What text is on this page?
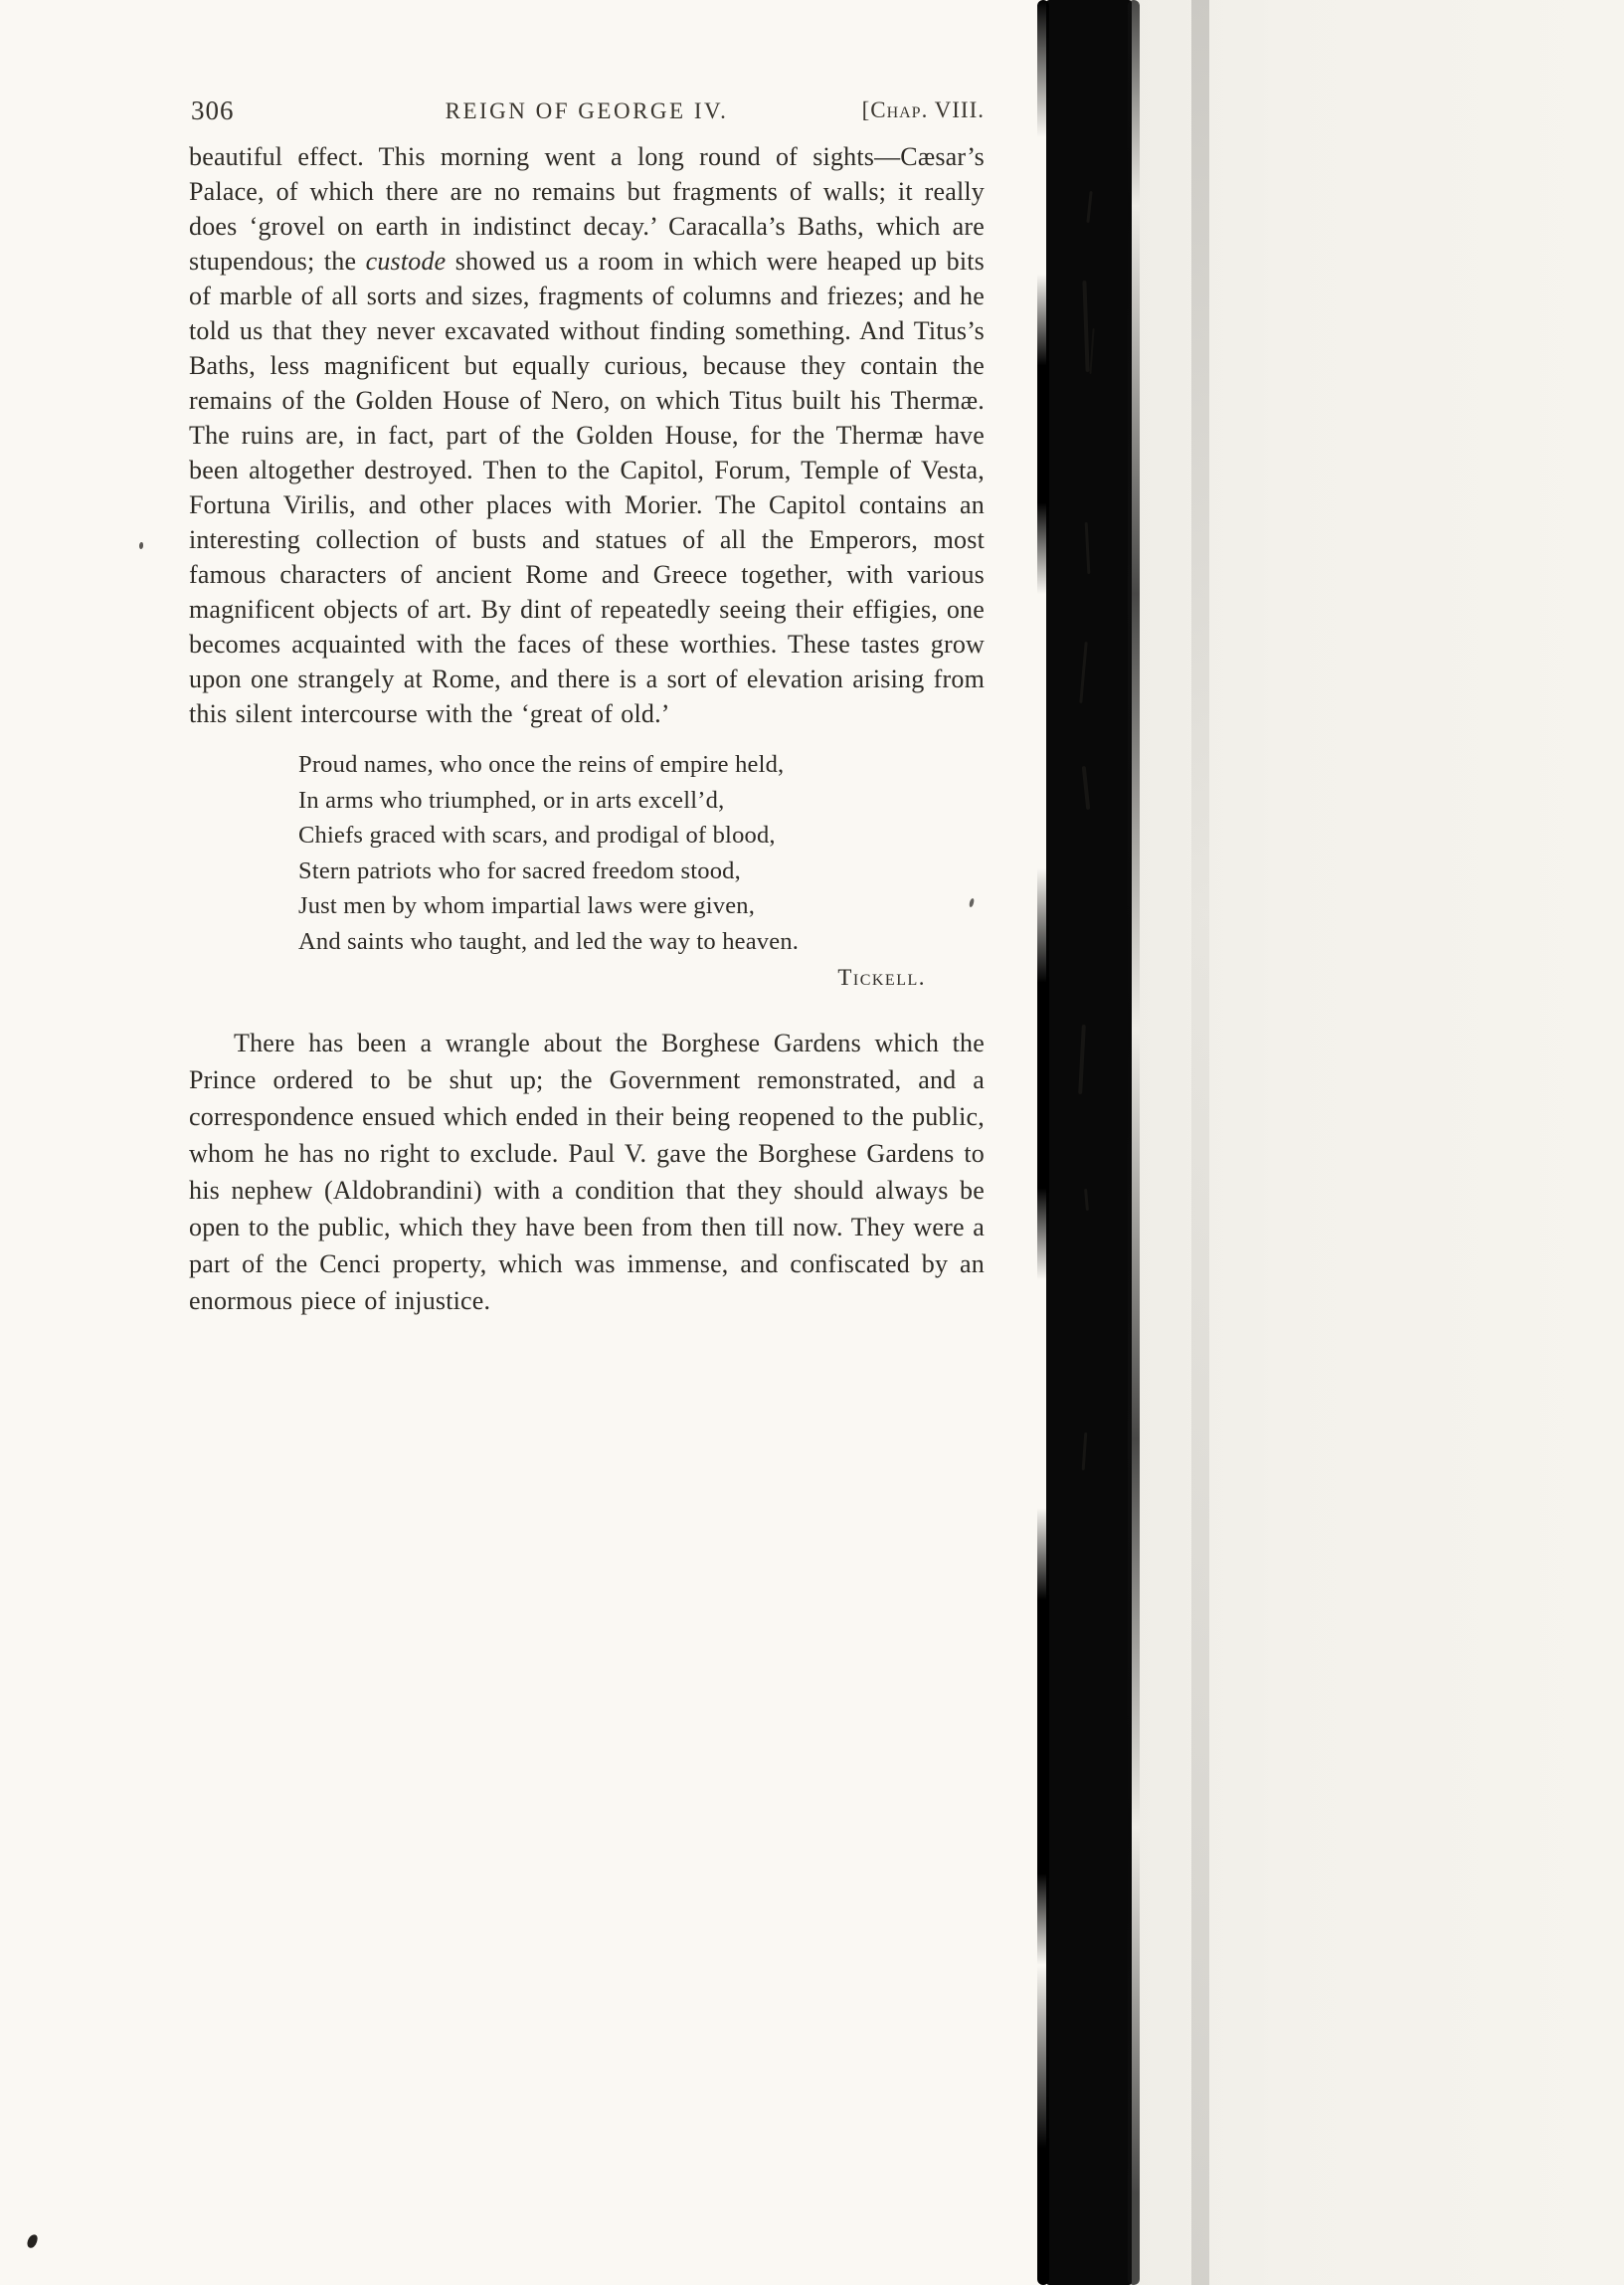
306	REIGN OF GEORGE IV.	[Chap. VIII.

beautiful effect. This morning went a long round of sights—Cæsar’s Palace, of which there are no remains but fragments of walls; it really does ‘grovel on earth in indistinct decay.’ Caracalla’s Baths, which are stupendous; the custode showed us a room in which were heaped up bits of marble of all sorts and sizes, fragments of columns and friezes; and he told us that they never excavated without finding something. And Titus’s Baths, less magnificent but equally curious, because they contain the remains of the Golden House of Nero, on which Titus built his Thermæ. The ruins are, in fact, part of the Golden House, for the Thermæ have been altogether destroyed. Then to the Capitol, Forum, Temple of Vesta, Fortuna Virilis, and other places with Morier. The Capitol contains an interesting collection of busts and statues of all the Emperors, most famous characters of ancient Rome and Greece together, with various magnificent objects of art. By dint of repeatedly seeing their effigies, one becomes acquainted with the faces of these worthies. These tastes grow upon one strangely at Rome, and there is a sort of elevation arising from this silent intercourse with the ‘great of old.’

Proud names, who once the reins of empire held,
In arms who triumphed, or in arts excell’d,
Chiefs graced with scars, and prodigal of blood,
Stern patriots who for sacred freedom stood,
Just men by whom impartial laws were given,
And saints who taught, and led the way to heaven.
Tickell.

There has been a wrangle about the Borghese Gardens which the Prince ordered to be shut up; the Government remonstrated, and a correspondence ensued which ended in their being reopened to the public, whom he has no right to exclude. Paul V. gave the Borghese Gardens to his nephew (Aldobrandini) with a condition that they should always be open to the public, which they have been from then till now. They were a part of the Cenci property, which was immense, and confiscated by an enormous piece of injustice.
